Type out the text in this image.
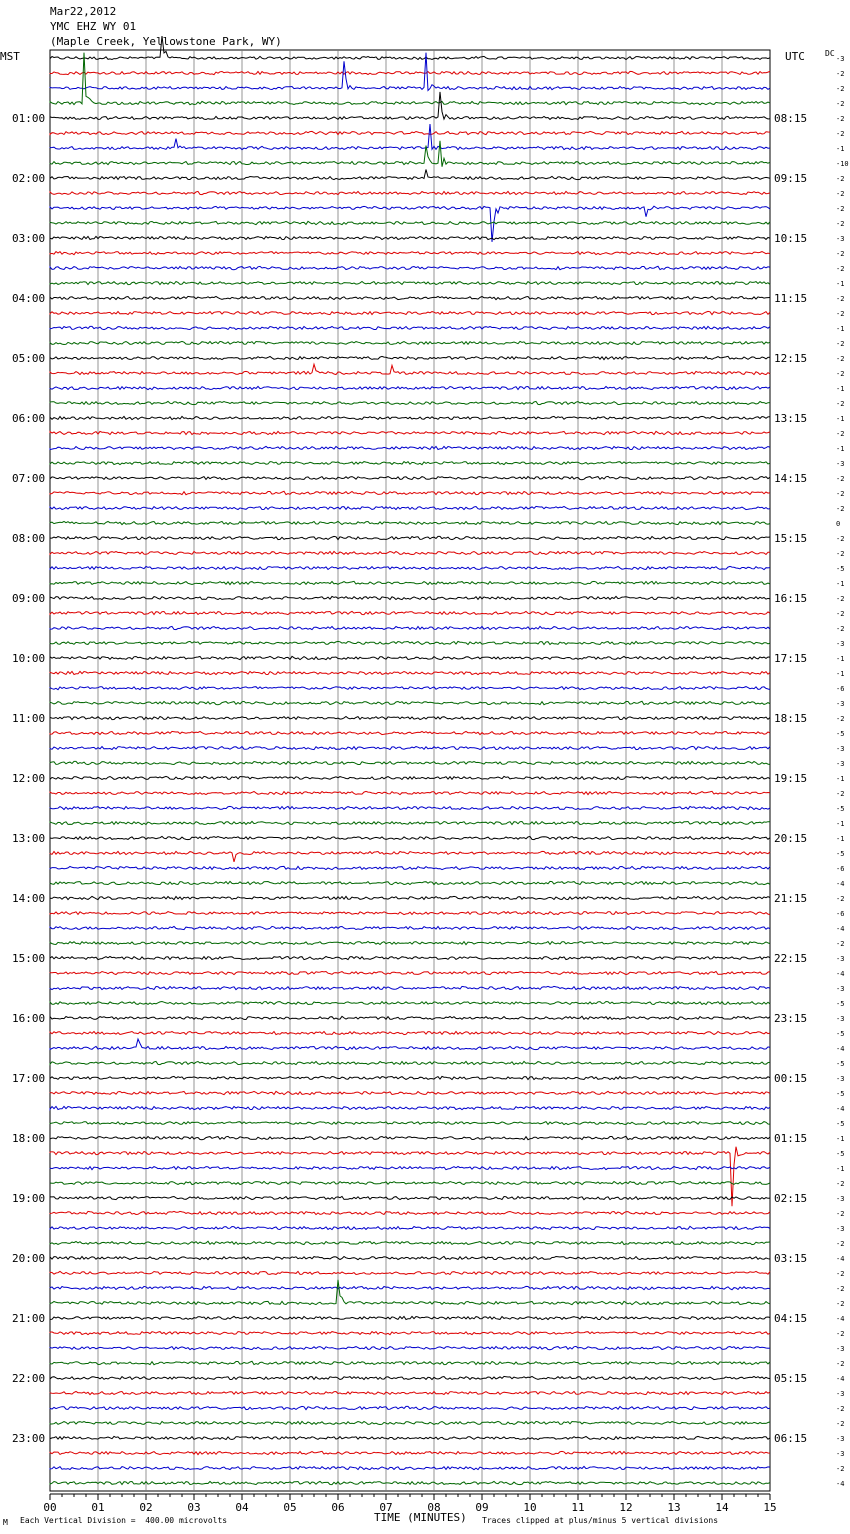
Mar22,2012
YMC EHZ WY 01
(Maple Creek, Yellowstone Park, WY)
MST	UTC	DC
-3
-2
-2
-2
-2
-2
-1
-10
-2
-2
-2
-2
-3
-2
-2
-1
-2
-2
-1
-2
-2
-2
-1
-2
-1
-2
-1
-3
-2
-2
-2
0
-2
-2
-5
-1
-2
-2
-2
-3
-1
-1
-6
-3
-2
-5
-3
-3
-1
-2
-5
-1
-1
-5
-6
-4
-2
-6
-4
-2
-3
-4
-3
-5
-3
-5
-4
-5
-3
-5
-4
-5
-1
-5
-1
-2
-3
-2
-3
-2
-4
-2
-2
-2
-4
-2
-3
-2
-4
-3
-2
-2
-3
-3
-2
-4
01:00
02:00
03:00
04:00
05:00
06:00
07:00
08:00
09:00
10:00
11:00
12:00
13:00
14:00
15:00
16:00
17:00
18:00
19:00
20:00
21:00
22:00
23:00
08:15
09:15
10:15
11:15
12:15
13:15
14:15
15:15
16:15
17:15
18:15
19:15
20:15
21:15
22:15
23:15
00:15
01:15
02:15
03:15
04:15
05:15
06:15
00	01	02	03	04	05	06	07	08	09	10	11	12	13	14	15
M Each Vertical Division =  400.00 microvolts	TIME (MINUTES) Traces clipped at plus/minus 5 vertical divisions
